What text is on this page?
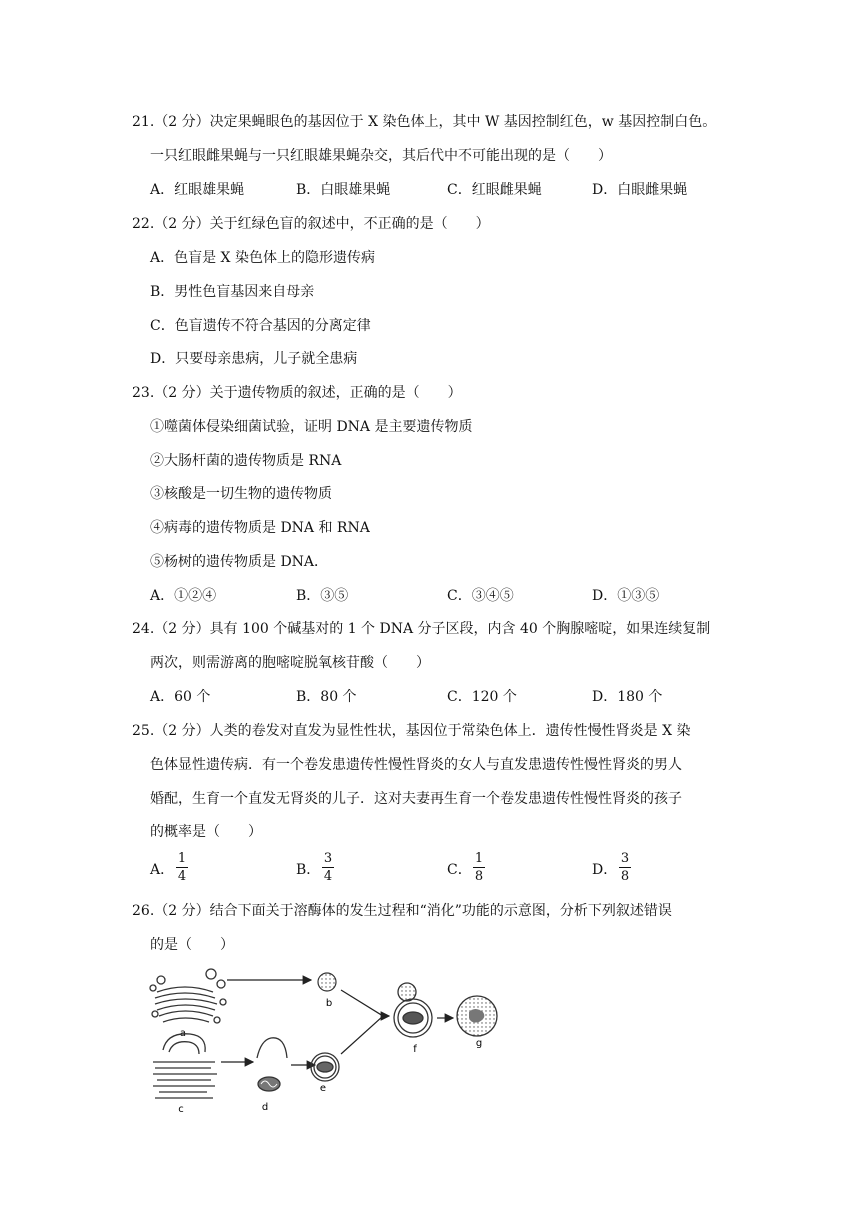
21.（2 分）决定果蝇眼色的基因位于 X 染色体上，其中 W 基因控制红色，w 基因控制白色。
一只红眼雌果蝇与一只红眼雄果蝇杂交，其后代中不可能出现的是（　　）
A．红眼雄果蝇	B．白眼雄果蝇	C．红眼雌果蝇	D．白眼雌果蝇
22.（2 分）关于红绿色盲的叙述中，不正确的是（　　）
A．色盲是 X 染色体上的隐形遗传病
B．男性色盲基因来自母亲
C．色盲遗传不符合基因的分离定律
D．只要母亲患病，儿子就全患病
23.（2 分）关于遗传物质的叙述，正确的是（　　）
①噬菌体侵染细菌试验，证明 DNA 是主要遗传物质
②大肠杆菌的遗传物质是 RNA
③核酸是一切生物的遗传物质
④病毒的遗传物质是 DNA 和 RNA
⑤杨树的遗传物质是 DNA．
A．①②④	B．③⑤	C．③④⑤	D．①③⑤
24.（2 分）具有 100 个碱基对的 1 个 DNA 分子区段，内含 40 个胸腺嘧啶，如果连续复制
两次，则需游离的胞嘧啶脱氧核苷酸（　　）
A．60 个	B．80 个	C．120 个	D．180 个
25.（2 分）人类的卷发对直发为显性性状，基因位于常染色体上．遗传性慢性肾炎是 X 染
色体显性遗传病．有一个卷发患遗传性慢性肾炎的女人与直发患遗传性慢性肾炎的男人
婚配，生育一个直发无肾炎的儿子．这对夫妻再生育一个卷发患遗传性慢性肾炎的孩子
的概率是（　　）
A． $\frac{1}{4}$	B． $\frac{3}{4}$	C． $\frac{1}{8}$	D． $\frac{3}{8}$
26.（2 分）结合下面关于溶酶体的发生过程和“消化”功能的示意图，分析下列叙述错误
的是（　　）
a
b
c	d
e
f
g
